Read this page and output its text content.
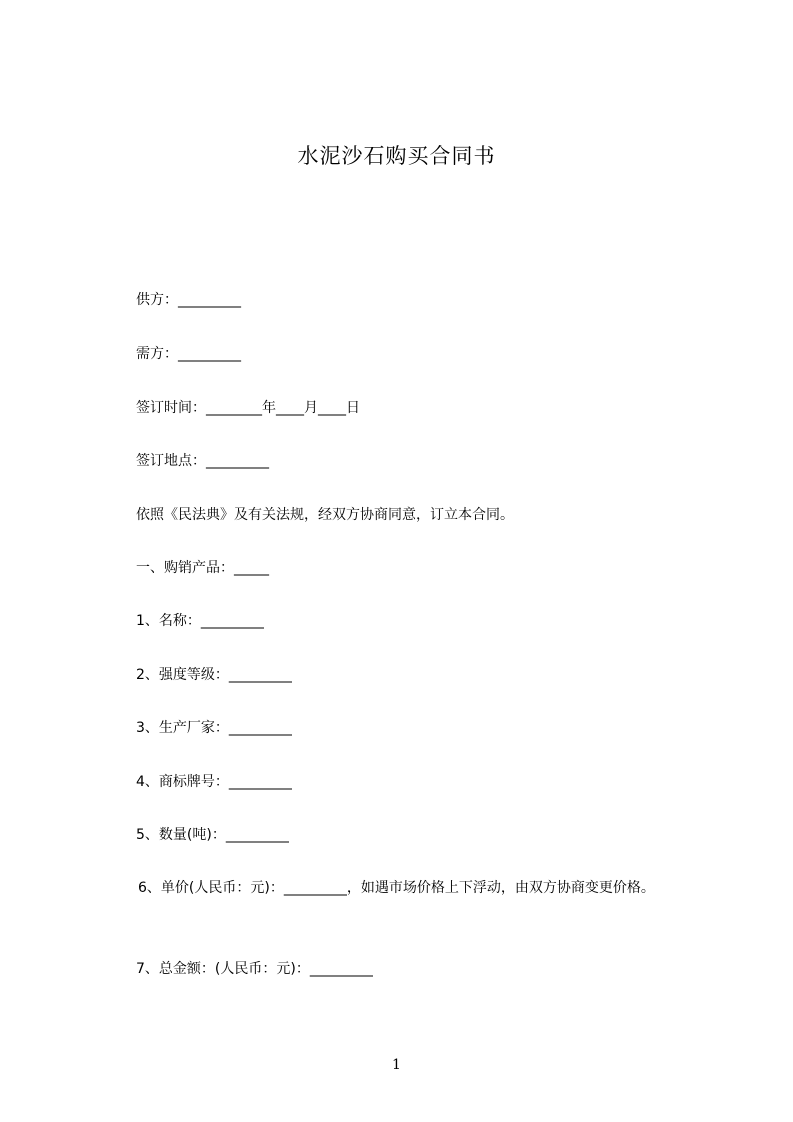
水泥沙石购买合同书
供方：_________
需方：_________
签订时间：________年____月____日
签订地点：_________
依照《民法典》及有关法规，经双方协商同意，订立本合同。
一、购销产品：_____
1、名称：_________
2、强度等级：_________
3、生产厂家：_________
4、商标牌号：_________
5、数量(吨)：_________
6、单价(人民币：元)：_________，如遇市场价格上下浮动，由双方协商变更价格。
7、总金额：(人民币：元)：_________
1
